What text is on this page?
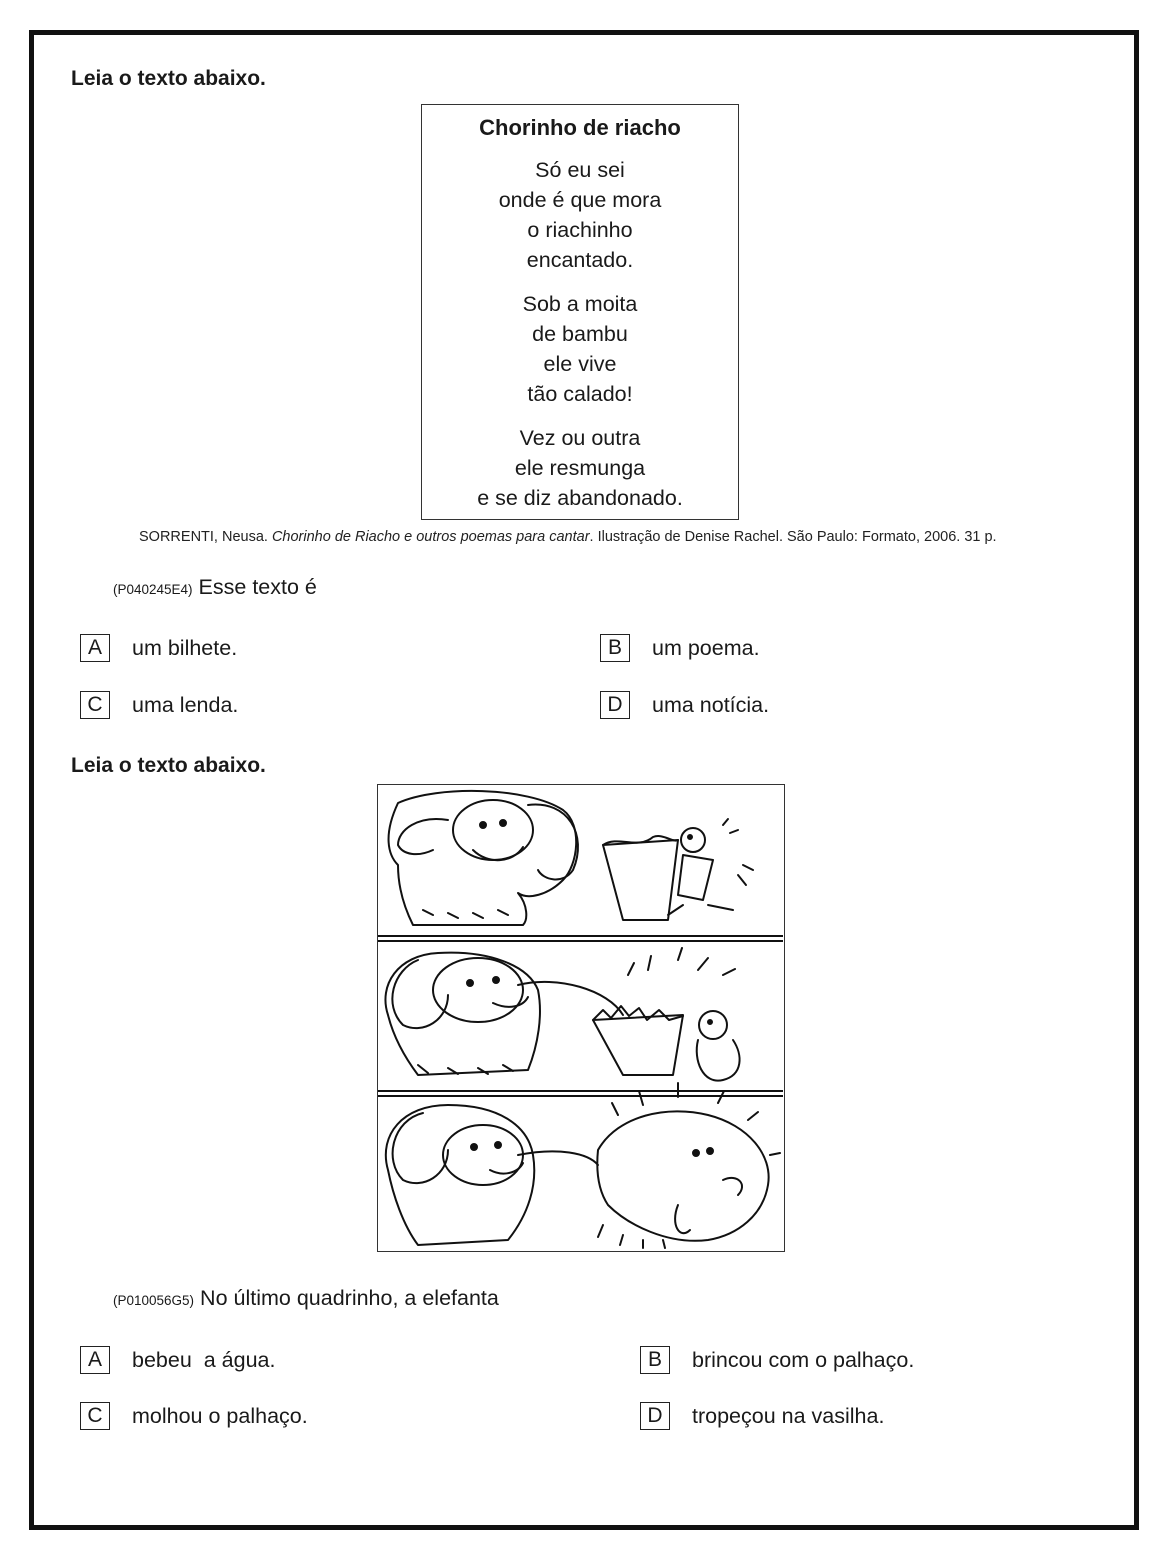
Leia o texto abaixo.
Chorinho de riacho
Só eu sei
onde é que mora
o riachinho
encantado.
Sob a moita
de bambu
ele vive
tão calado!
Vez ou outra
ele resmunga
e se diz abandonado.
SORRENTI, Neusa. Chorinho de Riacho e outros poemas para cantar. Ilustração de Denise Rachel. São Paulo: Formato, 2006. 31 p.
(P040245E4) Esse texto é
A	um bilhete.	B	um poema.
C	uma lenda.	D	uma notícia.
Leia o texto abaixo.
(P010056G5) No último quadrinho, a elefanta
A	bebeu  a água.	B	brincou com o palhaço.
C	molhou o palhaço.	D	tropeçou na vasilha.
